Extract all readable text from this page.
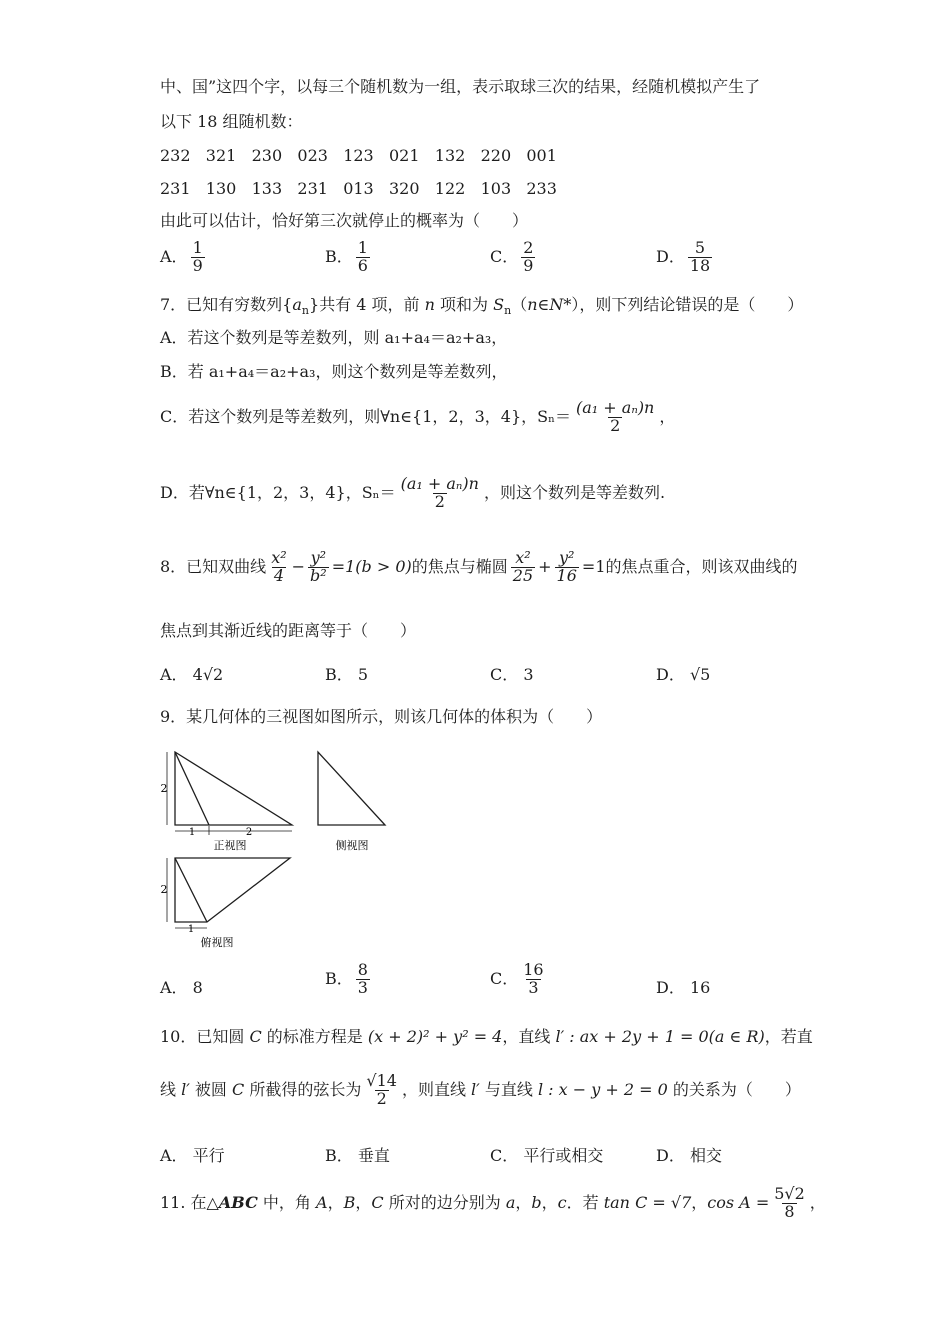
中、国”这四个字，以每三个随机数为一组，表示取球三次的结果，经随机模拟产生了
以下 18 组随机数：
232   321   230   023   123   021   132   220   001
231   130   133   231   013   320   122   103   233
由此可以估计，恰好第三次就停止的概率为（　　）
A． $\frac{1}{9}$	B． $\frac{1}{6}$	C． $\frac{2}{9}$	D． $\frac{5}{18}$
7．已知有穷数列$\{a_n\}$共有 4 项，前 n 项和为 $S_n(n\in N*)$，则下列结论错误的是（　　）
A．若这个数列是等差数列，则 a₁+a₄＝a₂+a₃，
B．若 a₁+a₄＝a₂+a₃，则这个数列是等差数列，
C．若这个数列是等差数列，则∀n∈{1，2，3，4}，$S_n= \frac{\text{(a₁ + aₙ)n}}{2}$ ，
D．若∀n∈{1，2，3，4}，$S_n= \frac{\text{(a₁ + aₙ)n}}{2}$ ，则这个数列是等差数列.
8．已知双曲线 $\frac{\text{x²}}{4} - \frac{\text{y²}}{\text{b²}} =1(b > 0)$的焦点与椭圆 $\frac{\text{x²}}{25} + \frac{\text{y²}}{16} =1$的焦点重合，则该双曲线的
焦点到其渐近线的距离等于（　　）
A． 4√2	B． 5	C． 3	D． √5
9．某几何体的三视图如图所示，则该几何体的体积为（　　）
2
1	2
正视图	侧视图
2
1
俯视图
A． 8	B． $\frac{8}{3}$	C． $\frac{16}{3}$	D． 16
10．已知圆 C 的标准方程是 (x + 2)² + y² = 4，直线 l′ : ax + 2y + 1 = 0(a ∈ R)，若直
线 l′ 被圆 C 所截得的弦长为 $\frac{√14}{2}$ ，则直线 l′ 与直线 l : x − y + 2 = 0 的关系为（　　）
A． 平行	B． 垂直	C． 平行或相交	D． 相交
11. 在△ABC 中，角 A，B，C 所对的边分别为 a，b，c．若 tan C = √7，$\cos A = \frac{5√2}{8}$ ，
